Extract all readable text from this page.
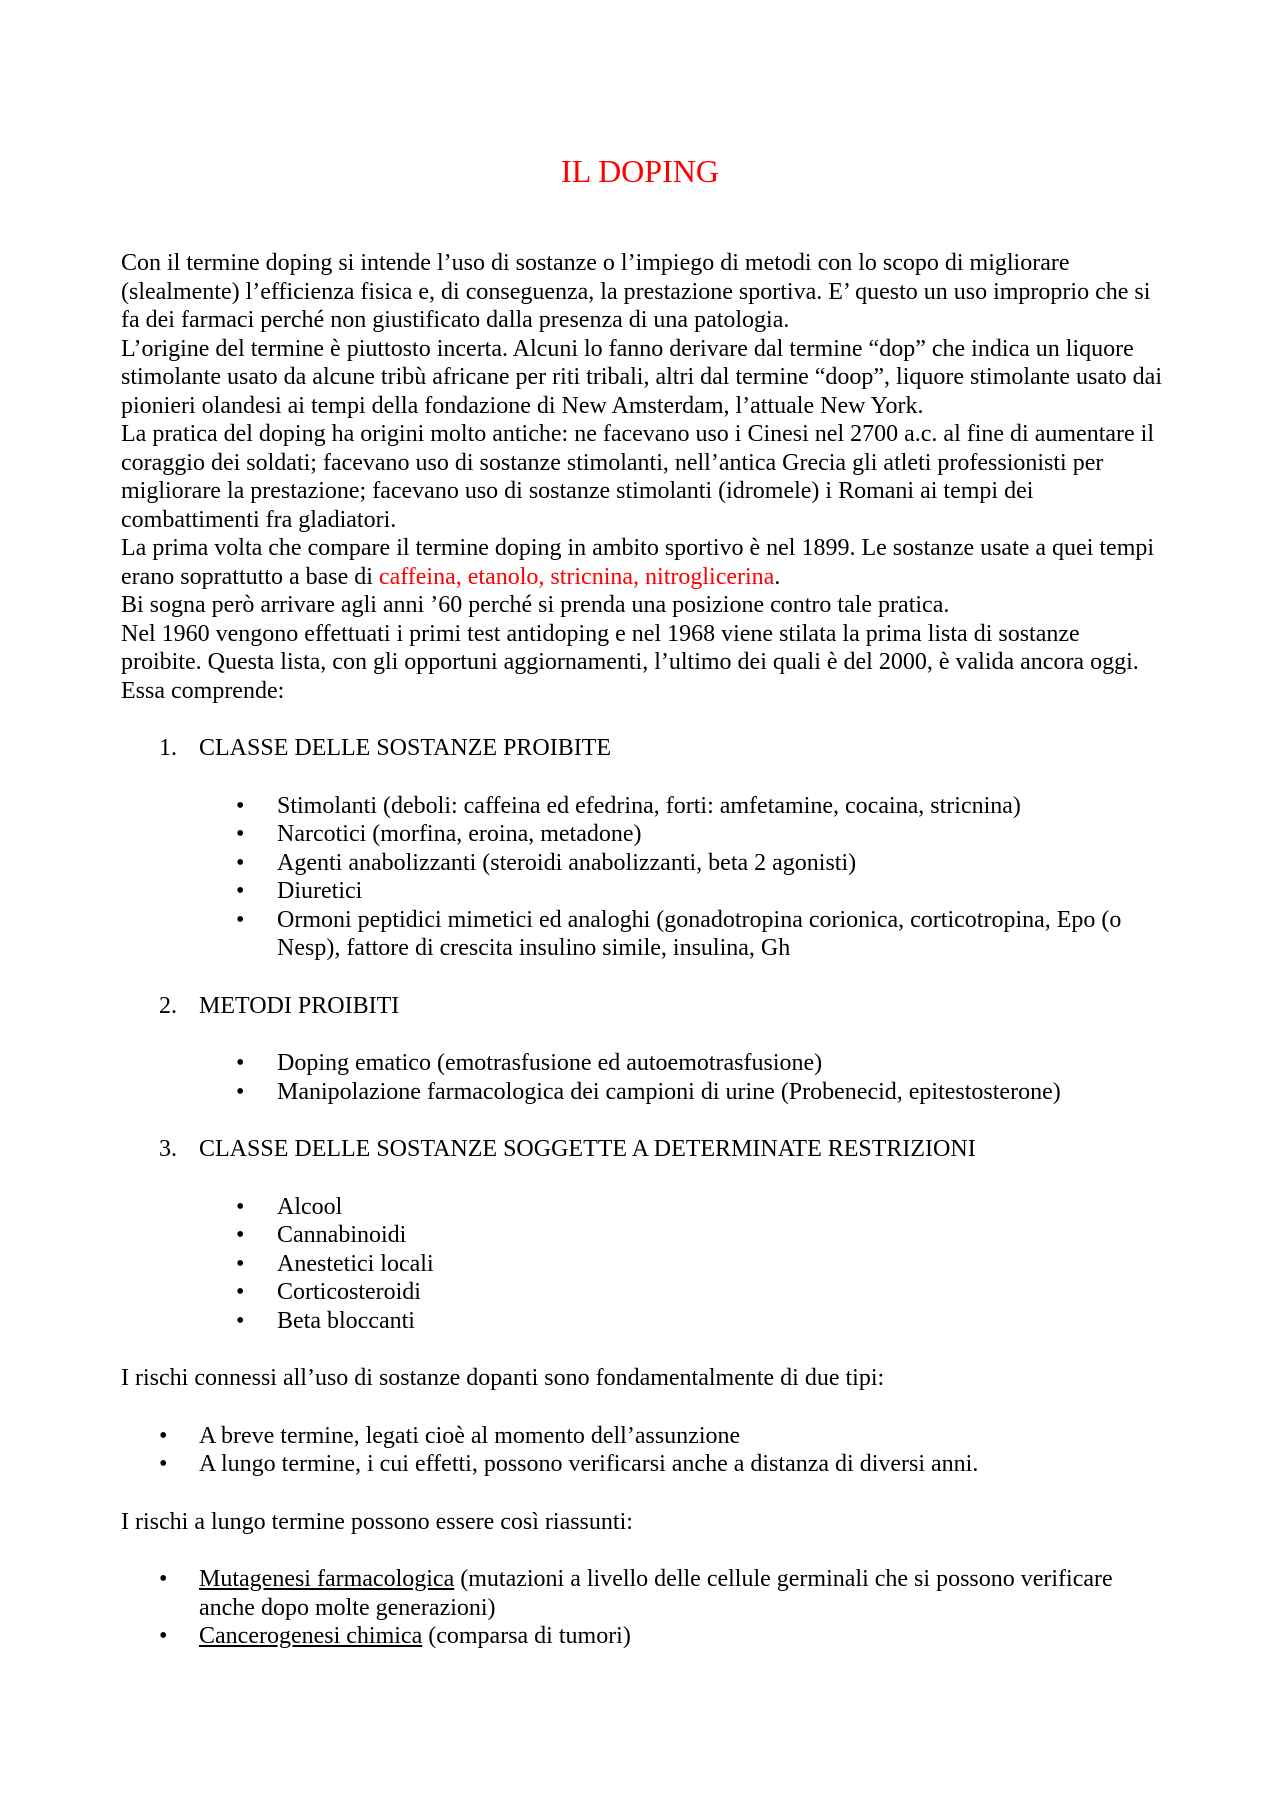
IL DOPING

Con il termine doping si intende l’uso di sostanze o l’impiego di metodi con lo scopo di migliorare (slealmente) l’efficienza fisica e, di conseguenza, la prestazione sportiva. E’ questo un uso improprio che si fa dei farmaci perché non giustificato dalla presenza di una patologia.

L’origine del termine è piuttosto incerta. Alcuni lo fanno derivare dal termine “dop” che indica un liquore stimolante usato da alcune tribù africane per riti tribali, altri dal termine “doop”, liquore stimolante usato dai pionieri olandesi ai tempi della fondazione di New Amsterdam, l’attuale New York.

La pratica del doping ha origini molto antiche: ne facevano uso i Cinesi nel 2700 a.c. al fine di aumentare il coraggio dei soldati; facevano uso di sostanze stimolanti, nell’antica Grecia gli atleti professionisti per migliorare la prestazione; facevano uso di sostanze stimolanti (idromele) i Romani ai tempi dei combattimenti fra gladiatori.

La prima volta che compare il termine doping in ambito sportivo è nel 1899. Le sostanze usate a quei tempi erano soprattutto a base di caffeina, etanolo, stricnina, nitroglicerina.

Bi sogna però arrivare agli anni ’60 perché si prenda una posizione contro tale pratica.

Nel 1960 vengono effettuati i primi test antidoping e nel 1968 viene stilata la prima lista di sostanze proibite. Questa lista, con gli opportuni aggiornamenti, l’ultimo dei quali è del 2000, è valida ancora oggi. Essa comprende:

1. CLASSE DELLE SOSTANZE PROIBITE
• Stimolanti (deboli: caffeina ed efedrina, forti: amfetamine, cocaina, stricnina)
• Narcotici (morfina, eroina, metadone)
• Agenti anabolizzanti (steroidi anabolizzanti, beta 2 agonisti)
• Diuretici
• Ormoni peptidici mimetici ed analoghi (gonadotropina corionica, corticotropina, Epo (o Nesp), fattore di crescita insulino simile, insulina, Gh
2. METODI PROIBITI
• Doping ematico (emotrasfusione ed autoemotrasfusione)
• Manipolazione farmacologica dei campioni di urine (Probenecid, epitestosterone)
3. CLASSE DELLE SOSTANZE SOGGETTE A DETERMINATE RESTRIZIONI
• Alcool
• Cannabinoidi
• Anestetici locali
• Corticosteroidi
• Beta bloccanti

I rischi connessi all’uso di sostanze dopanti sono fondamentalmente di due tipi:

• A breve termine, legati cioè al momento dell’assunzione
• A lungo termine, i cui effetti, possono verificarsi anche a distanza di diversi anni.

I rischi a lungo termine possono essere così riassunti:

• Mutagenesi farmacologica (mutazioni a livello delle cellule germinali che si possono verificare anche dopo molte generazioni)
• Cancerogenesi chimica (comparsa di tumori)
